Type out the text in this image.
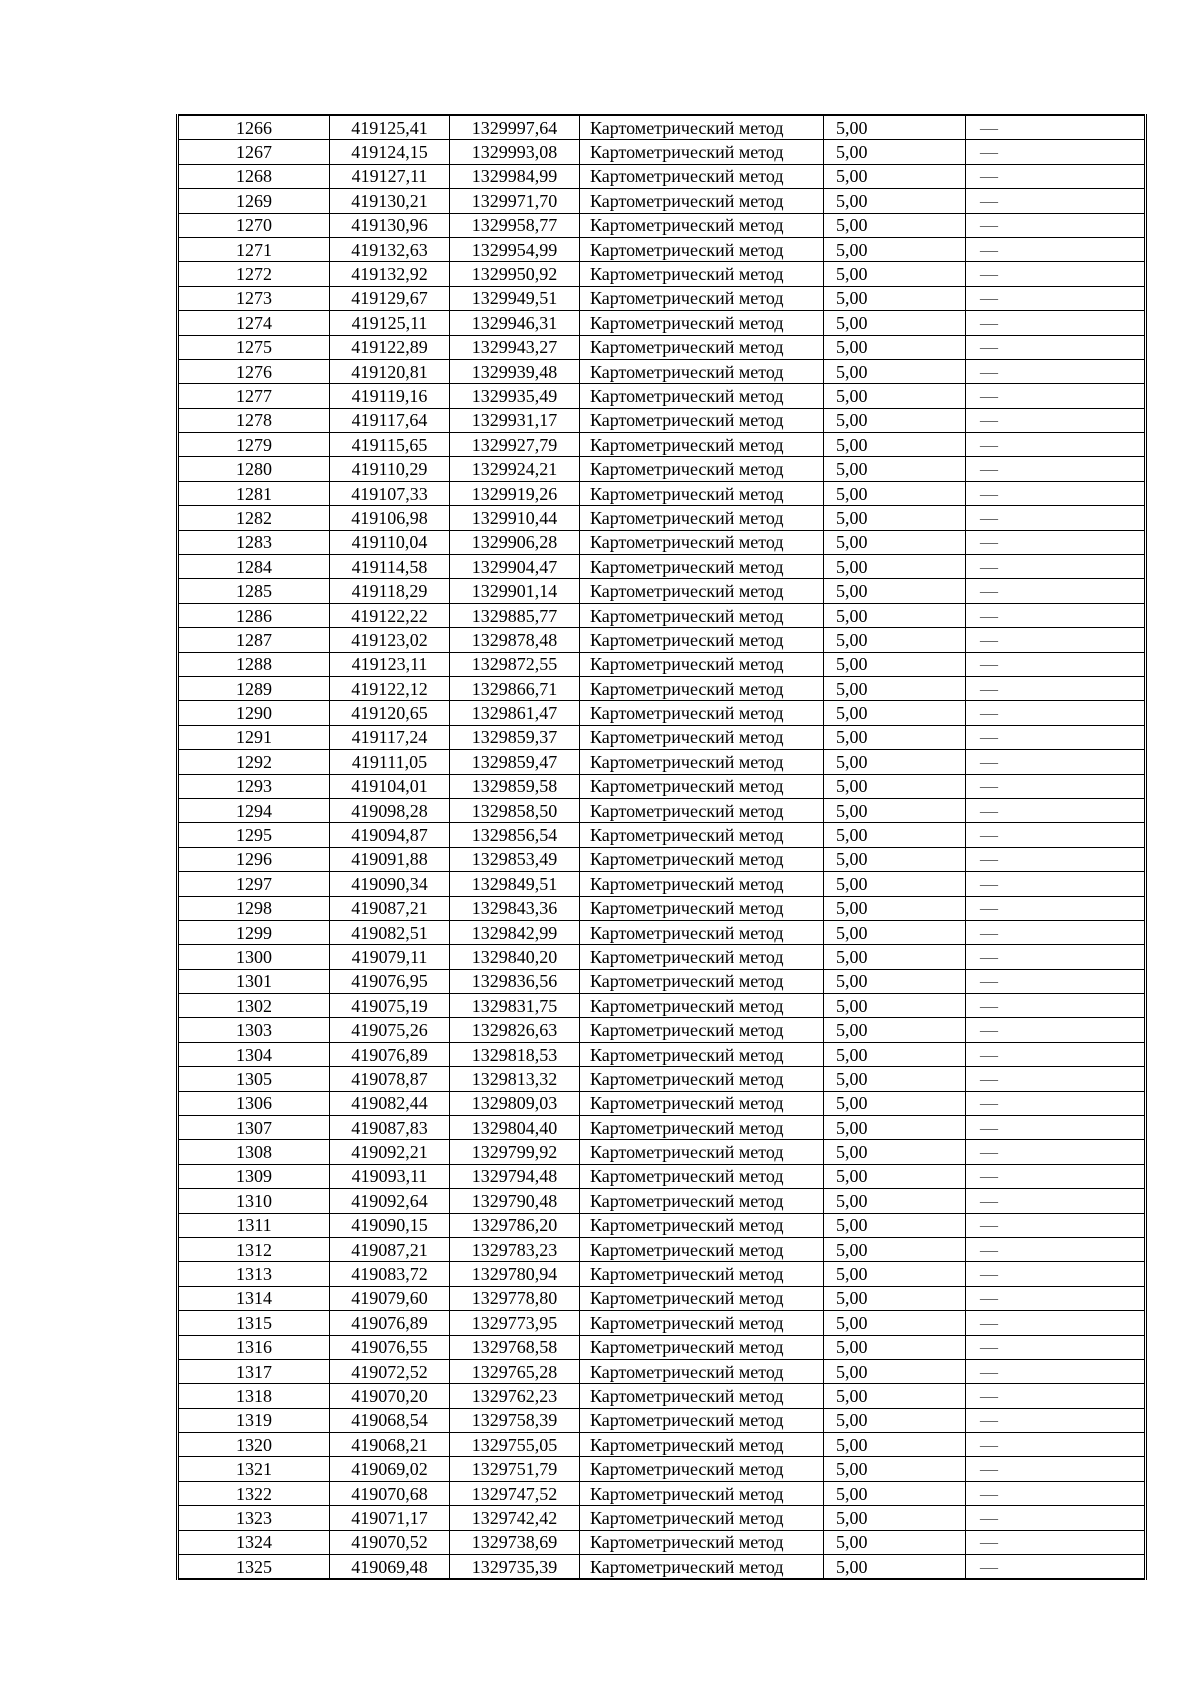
1266	419125,41	1329997,64	Картометрический метод	5,00	—
1267	419124,15	1329993,08	Картометрический метод	5,00	—
1268	419127,11	1329984,99	Картометрический метод	5,00	—
1269	419130,21	1329971,70	Картометрический метод	5,00	—
1270	419130,96	1329958,77	Картометрический метод	5,00	—
1271	419132,63	1329954,99	Картометрический метод	5,00	—
1272	419132,92	1329950,92	Картометрический метод	5,00	—
1273	419129,67	1329949,51	Картометрический метод	5,00	—
1274	419125,11	1329946,31	Картометрический метод	5,00	—
1275	419122,89	1329943,27	Картометрический метод	5,00	—
1276	419120,81	1329939,48	Картометрический метод	5,00	—
1277	419119,16	1329935,49	Картометрический метод	5,00	—
1278	419117,64	1329931,17	Картометрический метод	5,00	—
1279	419115,65	1329927,79	Картометрический метод	5,00	—
1280	419110,29	1329924,21	Картометрический метод	5,00	—
1281	419107,33	1329919,26	Картометрический метод	5,00	—
1282	419106,98	1329910,44	Картометрический метод	5,00	—
1283	419110,04	1329906,28	Картометрический метод	5,00	—
1284	419114,58	1329904,47	Картометрический метод	5,00	—
1285	419118,29	1329901,14	Картометрический метод	5,00	—
1286	419122,22	1329885,77	Картометрический метод	5,00	—
1287	419123,02	1329878,48	Картометрический метод	5,00	—
1288	419123,11	1329872,55	Картометрический метод	5,00	—
1289	419122,12	1329866,71	Картометрический метод	5,00	—
1290	419120,65	1329861,47	Картометрический метод	5,00	—
1291	419117,24	1329859,37	Картометрический метод	5,00	—
1292	419111,05	1329859,47	Картометрический метод	5,00	—
1293	419104,01	1329859,58	Картометрический метод	5,00	—
1294	419098,28	1329858,50	Картометрический метод	5,00	—
1295	419094,87	1329856,54	Картометрический метод	5,00	—
1296	419091,88	1329853,49	Картометрический метод	5,00	—
1297	419090,34	1329849,51	Картометрический метод	5,00	—
1298	419087,21	1329843,36	Картометрический метод	5,00	—
1299	419082,51	1329842,99	Картометрический метод	5,00	—
1300	419079,11	1329840,20	Картометрический метод	5,00	—
1301	419076,95	1329836,56	Картометрический метод	5,00	—
1302	419075,19	1329831,75	Картометрический метод	5,00	—
1303	419075,26	1329826,63	Картометрический метод	5,00	—
1304	419076,89	1329818,53	Картометрический метод	5,00	—
1305	419078,87	1329813,32	Картометрический метод	5,00	—
1306	419082,44	1329809,03	Картометрический метод	5,00	—
1307	419087,83	1329804,40	Картометрический метод	5,00	—
1308	419092,21	1329799,92	Картометрический метод	5,00	—
1309	419093,11	1329794,48	Картометрический метод	5,00	—
1310	419092,64	1329790,48	Картометрический метод	5,00	—
1311	419090,15	1329786,20	Картометрический метод	5,00	—
1312	419087,21	1329783,23	Картометрический метод	5,00	—
1313	419083,72	1329780,94	Картометрический метод	5,00	—
1314	419079,60	1329778,80	Картометрический метод	5,00	—
1315	419076,89	1329773,95	Картометрический метод	5,00	—
1316	419076,55	1329768,58	Картометрический метод	5,00	—
1317	419072,52	1329765,28	Картометрический метод	5,00	—
1318	419070,20	1329762,23	Картометрический метод	5,00	—
1319	419068,54	1329758,39	Картометрический метод	5,00	—
1320	419068,21	1329755,05	Картометрический метод	5,00	—
1321	419069,02	1329751,79	Картометрический метод	5,00	—
1322	419070,68	1329747,52	Картометрический метод	5,00	—
1323	419071,17	1329742,42	Картометрический метод	5,00	—
1324	419070,52	1329738,69	Картометрический метод	5,00	—
1325	419069,48	1329735,39	Картометрический метод	5,00	—
